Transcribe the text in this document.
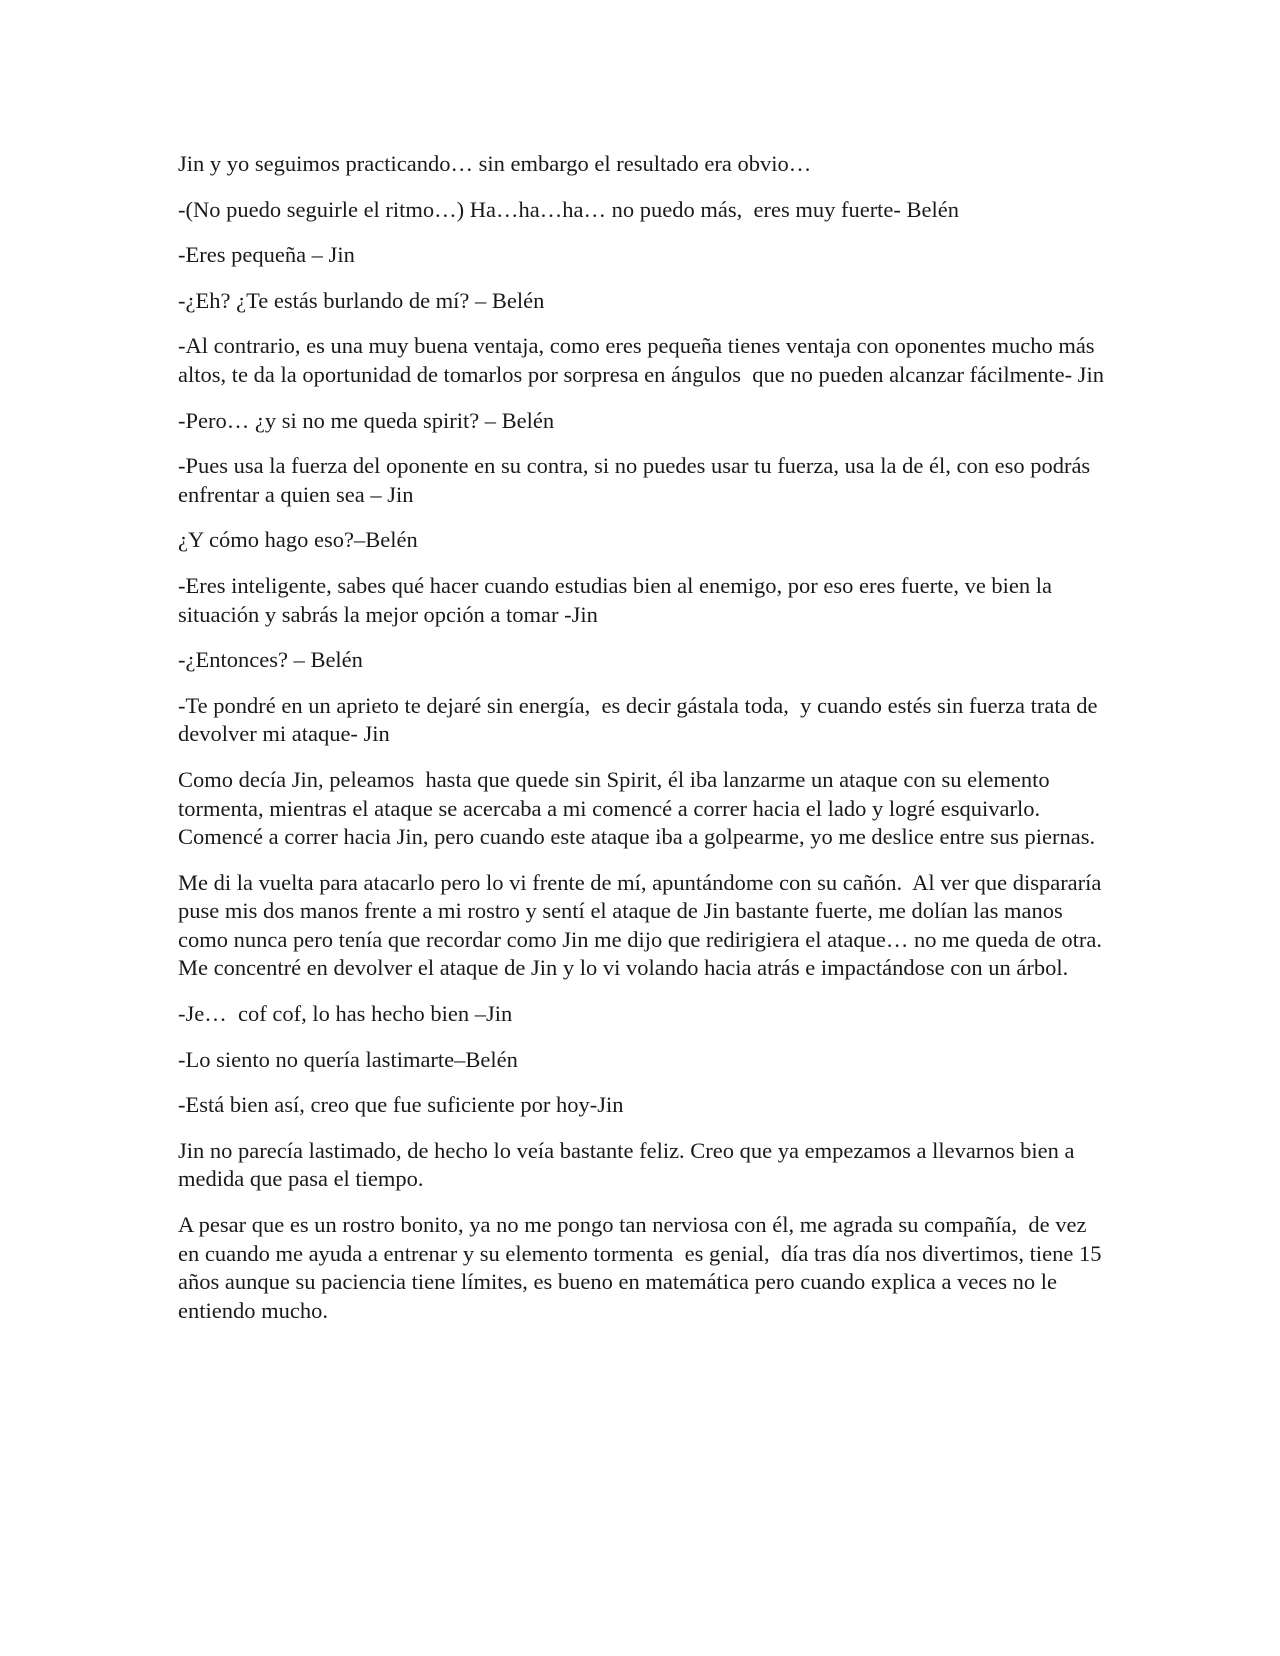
Jin y yo seguimos practicando… sin embargo el resultado era obvio…

-(No puedo seguirle el ritmo…) Ha…ha…ha… no puedo más,  eres muy fuerte- Belén

-Eres pequeña – Jin

-¿Eh? ¿Te estás burlando de mí? – Belén

-Al contrario, es una muy buena ventaja, como eres pequeña tienes ventaja con oponentes mucho más altos, te da la oportunidad de tomarlos por sorpresa en ángulos  que no pueden alcanzar fácilmente- Jin

-Pero… ¿y si no me queda spirit? – Belén

-Pues usa la fuerza del oponente en su contra, si no puedes usar tu fuerza, usa la de él, con eso podrás enfrentar a quien sea – Jin

¿Y cómo hago eso?–Belén

-Eres inteligente, sabes qué hacer cuando estudias bien al enemigo, por eso eres fuerte, ve bien la situación y sabrás la mejor opción a tomar -Jin

-¿Entonces? – Belén

-Te pondré en un aprieto te dejaré sin energía,  es decir gástala toda,  y cuando estés sin fuerza trata de devolver mi ataque- Jin

Como decía Jin, peleamos  hasta que quede sin Spirit, él iba lanzarme un ataque con su elemento tormenta, mientras el ataque se acercaba a mi comencé a correr hacia el lado y logré esquivarlo. Comencé a correr hacia Jin, pero cuando este ataque iba a golpearme, yo me deslice entre sus piernas.

Me di la vuelta para atacarlo pero lo vi frente de mí, apuntándome con su cañón.  Al ver que dispararía puse mis dos manos frente a mi rostro y sentí el ataque de Jin bastante fuerte, me dolían las manos como nunca pero tenía que recordar como Jin me dijo que redirigiera el ataque… no me queda de otra. Me concentré en devolver el ataque de Jin y lo vi volando hacia atrás e impactándose con un árbol.

-Je…  cof cof, lo has hecho bien –Jin

-Lo siento no quería lastimarte–Belén

-Está bien así, creo que fue suficiente por hoy-Jin

Jin no parecía lastimado, de hecho lo veía bastante feliz. Creo que ya empezamos a llevarnos bien a medida que pasa el tiempo.

A pesar que es un rostro bonito, ya no me pongo tan nerviosa con él, me agrada su compañía,  de vez en cuando me ayuda a entrenar y su elemento tormenta  es genial,  día tras día nos divertimos, tiene 15 años aunque su paciencia tiene límites, es bueno en matemática pero cuando explica a veces no le entiendo mucho.
